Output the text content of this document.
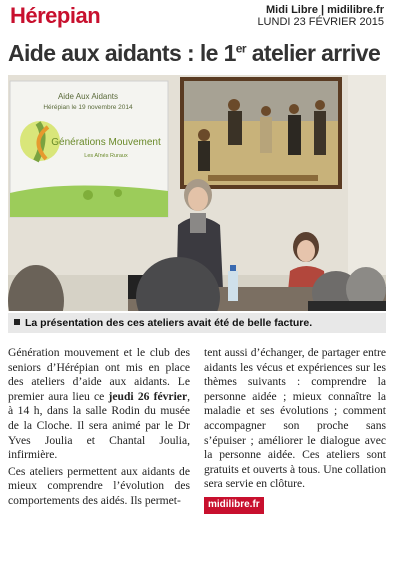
Hérepian	Midi Libre | midilibre.fr
LUNDI 23 FÉVRIER 2015
Aide aux aidants : le 1er atelier arrive
Aide Aux Aidants
Hérépian le 19 novembre 2014
Générations Mouvement
Les Aînés Ruraux
La présentation des ces ateliers avait été de belle facture.

Génération mouvement et le club des seniors d’Hérépian ont mis en place des ateliers d’aide aux aidants. Le premier aura lieu ce jeudi 26 février, à 14 h, dans la salle Rodin du musée de la Cloche. Il sera animé par le Dr Yves Joulia et Chantal Joulia, infirmière.

Ces ateliers permettent aux aidants de mieux comprendre l’évolution des comportements des aidés. Ils permet-

tent aussi d’échanger, de partager entre aidants les vécus et expériences sur les thèmes suivants : comprendre la personne aidée ; mieux connaître la maladie et ses évolutions ; comment accompagner son proche sans s’épuiser ; améliorer le dialogue avec la personne aidée. Ces ateliers sont gratuits et ouverts à tous. Une collation sera servie en clôture.

midilibre.fr
